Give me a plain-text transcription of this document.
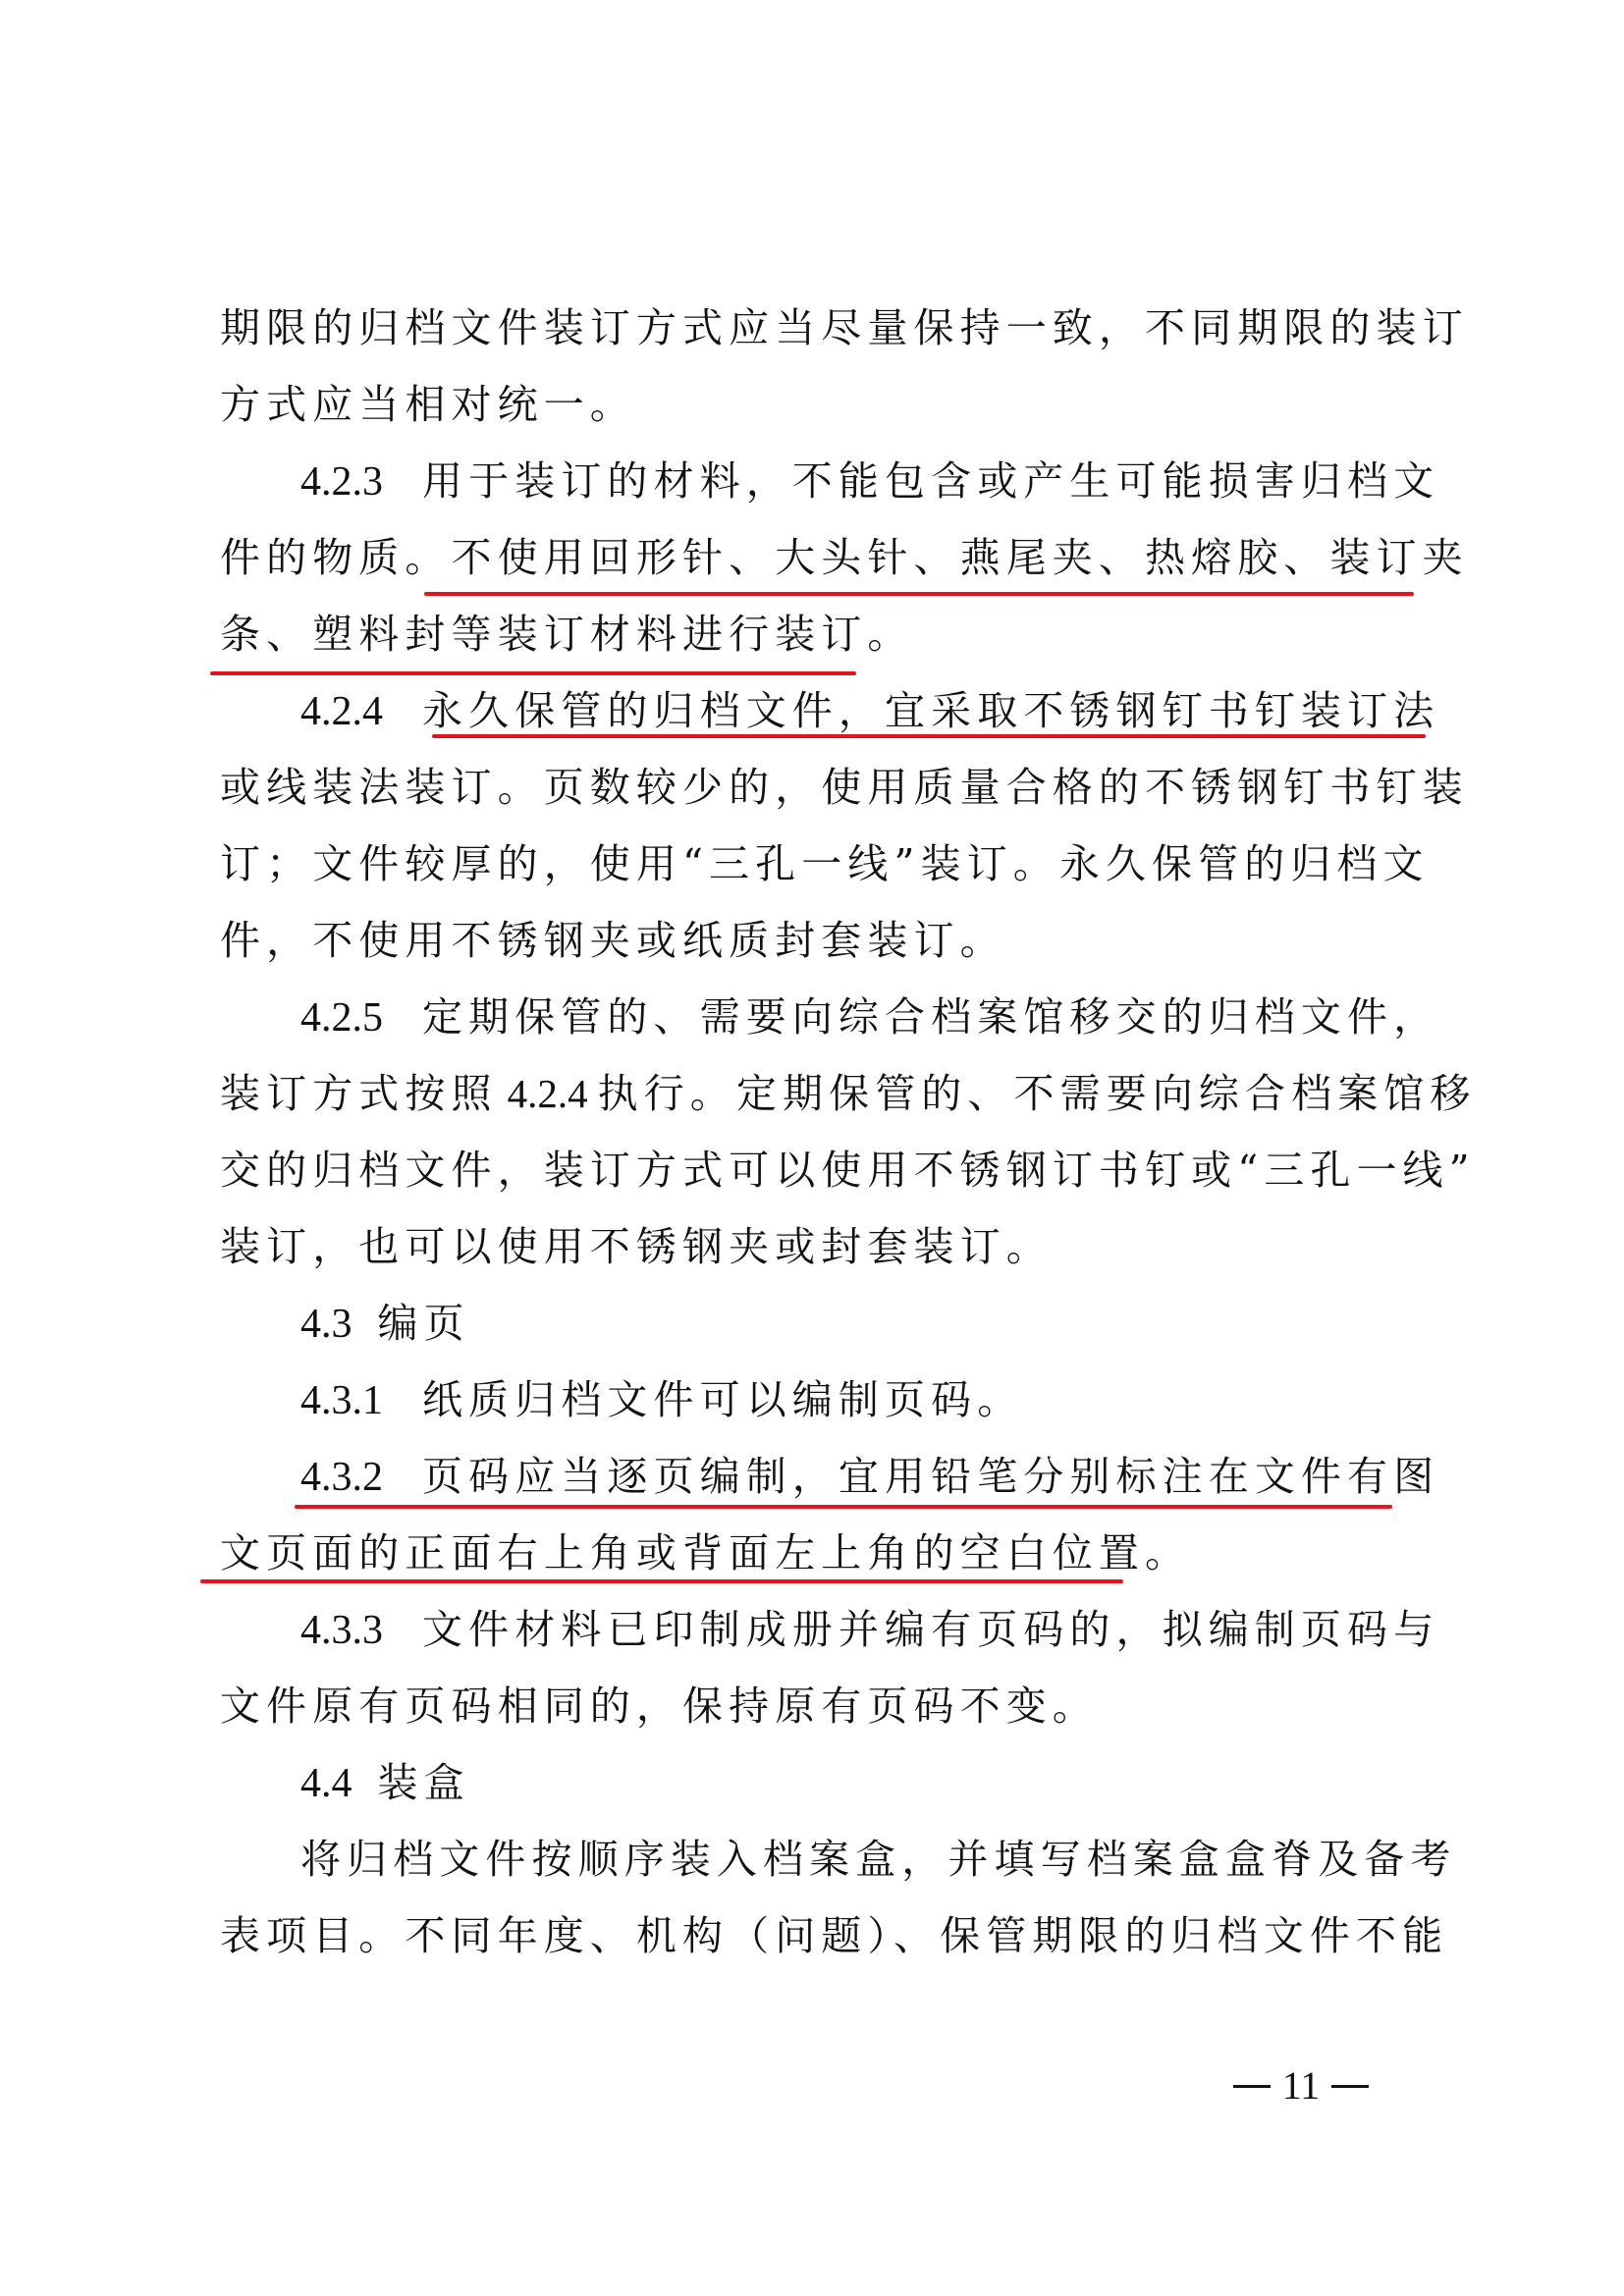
期限的归档文件装订方式应当尽量保持一致，不同期限的装订
方式应当相对统一。
4.2.3 用于装订的材料，不能包含或产生可能损害归档文
件的物质。不使用回形针、大头针、燕尾夹、热熔胶、装订夹
条、塑料封等装订材料进行装订。
4.2.4 永久保管的归档文件，宜采取不锈钢钉书钉装订法
或线装法装订。页数较少的，使用质量合格的不锈钢钉书钉装
订；文件较厚的，使用“三孔一线”装订。永久保管的归档文
件，不使用不锈钢夹或纸质封套装订。
4.2.5 定期保管的、需要向综合档案馆移交的归档文件，
装订方式按照 4.2.4 执行。定期保管的、不需要向综合档案馆移
交的归档文件，装订方式可以使用不锈钢订书钉或“三孔一线”
装订，也可以使用不锈钢夹或封套装订。
4.3 编页
4.3.1 纸质归档文件可以编制页码。
4.3.2 页码应当逐页编制，宜用铅笔分别标注在文件有图
文页面的正面右上角或背面左上角的空白位置。
4.3.3 文件材料已印制成册并编有页码的，拟编制页码与
文件原有页码相同的，保持原有页码不变。
4.4 装盒
将归档文件按顺序装入档案盒，并填写档案盒盒脊及备考
表项目。不同年度、机构（问题）、保管期限的归档文件不能
11
